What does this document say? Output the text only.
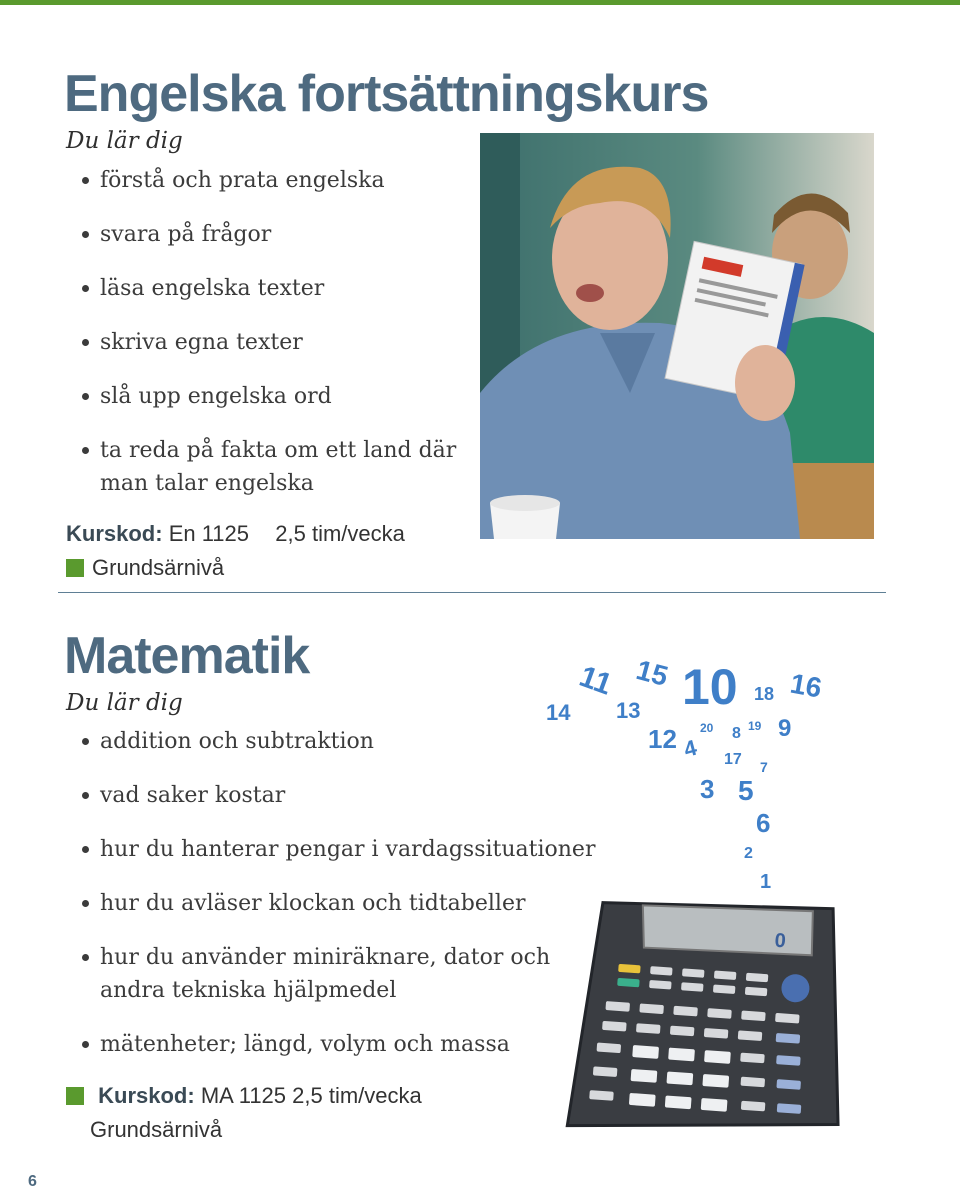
Engelska fortsättningskurs

Du lär dig

förstå och prata engelska
svara på frågor
läsa engelska texter
skriva egna texter
slå upp engelska ord
ta reda på fakta om ett land där man talar engelska
Kurskod: En 1125 2,5 tim/vecka
Grundsärnivå
Matematik

Du lär dig

addition och subtraktion
vad saker kostar
hur du hanterar pengar i vardagssituationer
hur du avläser klockan och tidtabeller
hur du använder miniräknare, dator och andra tekniska hjälpmedel
mätenheter; längd, volym och massa
14
11 15 10 18 16
13
20 8 19 9
12 4 17 7
3 5
6
2
1
0
Kurskod: MA 1125 2,5 tim/vecka
Grundsärnivå
6
